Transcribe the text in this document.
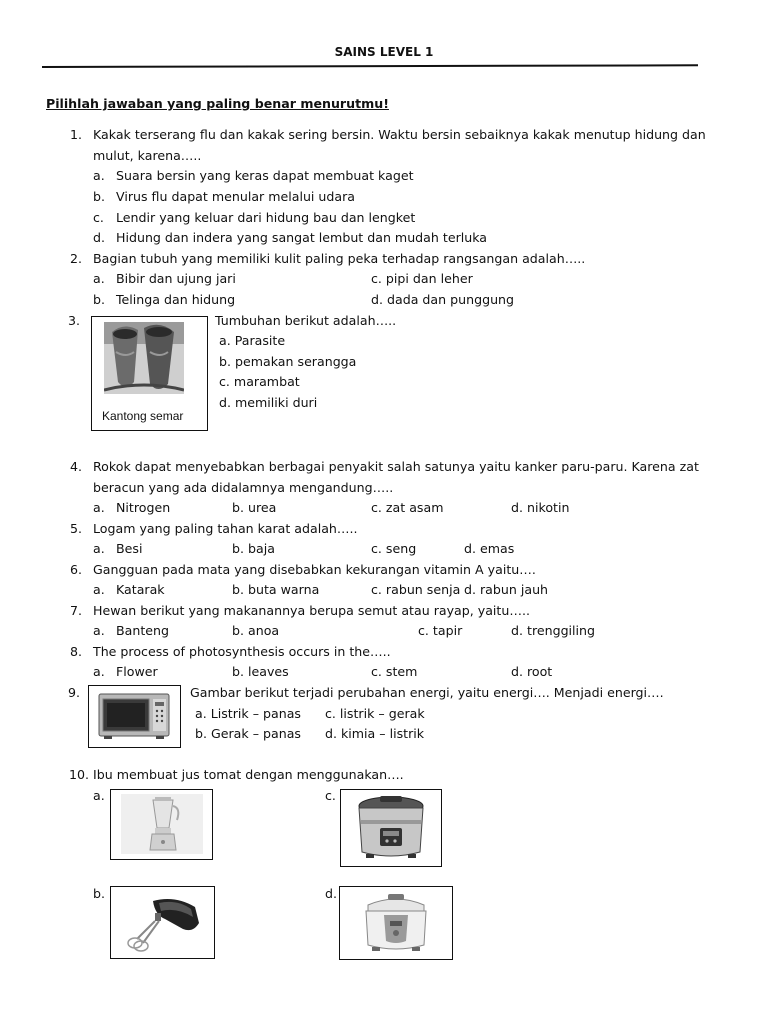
SAINS LEVEL 1
Pilihlah jawaban yang paling benar menurutmu!
1. Kakak terserang flu dan kakak sering bersin. Waktu bersin sebaiknya kakak menutup hidung dan
mulut, karena…..
a. Suara bersin yang keras dapat membuat kaget
b. Virus flu dapat menular melalui udara
c. Lendir yang keluar dari hidung bau dan lengket
d. Hidung dan indera yang sangat lembut dan mudah terluka
2. Bagian tubuh yang memiliki kulit paling peka terhadap rangsangan adalah…..
a. Bibir dan ujung jari	c. pipi dan leher
b. Telinga dan hidung	d. dada dan punggung
3.
Kantong semar
Tumbuhan berikut adalah…..
a. Parasite
b. pemakan serangga
c. marambat
d. memiliki duri
4. Rokok dapat menyebabkan berbagai penyakit salah satunya yaitu kanker paru-paru. Karena zat
beracun yang ada didalamnya mengandung…..
a. Nitrogen	b. urea	c. zat asam	d. nikotin
5. Logam yang paling tahan karat adalah…..
a. Besi	b. baja	c. seng	d. emas
6. Gangguan pada mata yang disebabkan kekurangan vitamin A yaitu….
a. Katarak	b. buta warna	c. rabun senja d. rabun jauh
7. Hewan berikut yang makanannya berupa semut atau rayap, yaitu…..
a. Banteng	b. anoa	c. tapir	d. trenggiling
8. The process of photosynthesis occurs in the…..
a. Flower	b. leaves	c. stem	d. root
9.	Gambar berikut terjadi perubahan energi, yaitu energi…. Menjadi energi….
a. Listrik – panas c. listrik – gerak
b. Gerak – panas d. kimia – listrik
10. Ibu membuat jus tomat dengan menggunakan….
a.	c.
b.	d.
